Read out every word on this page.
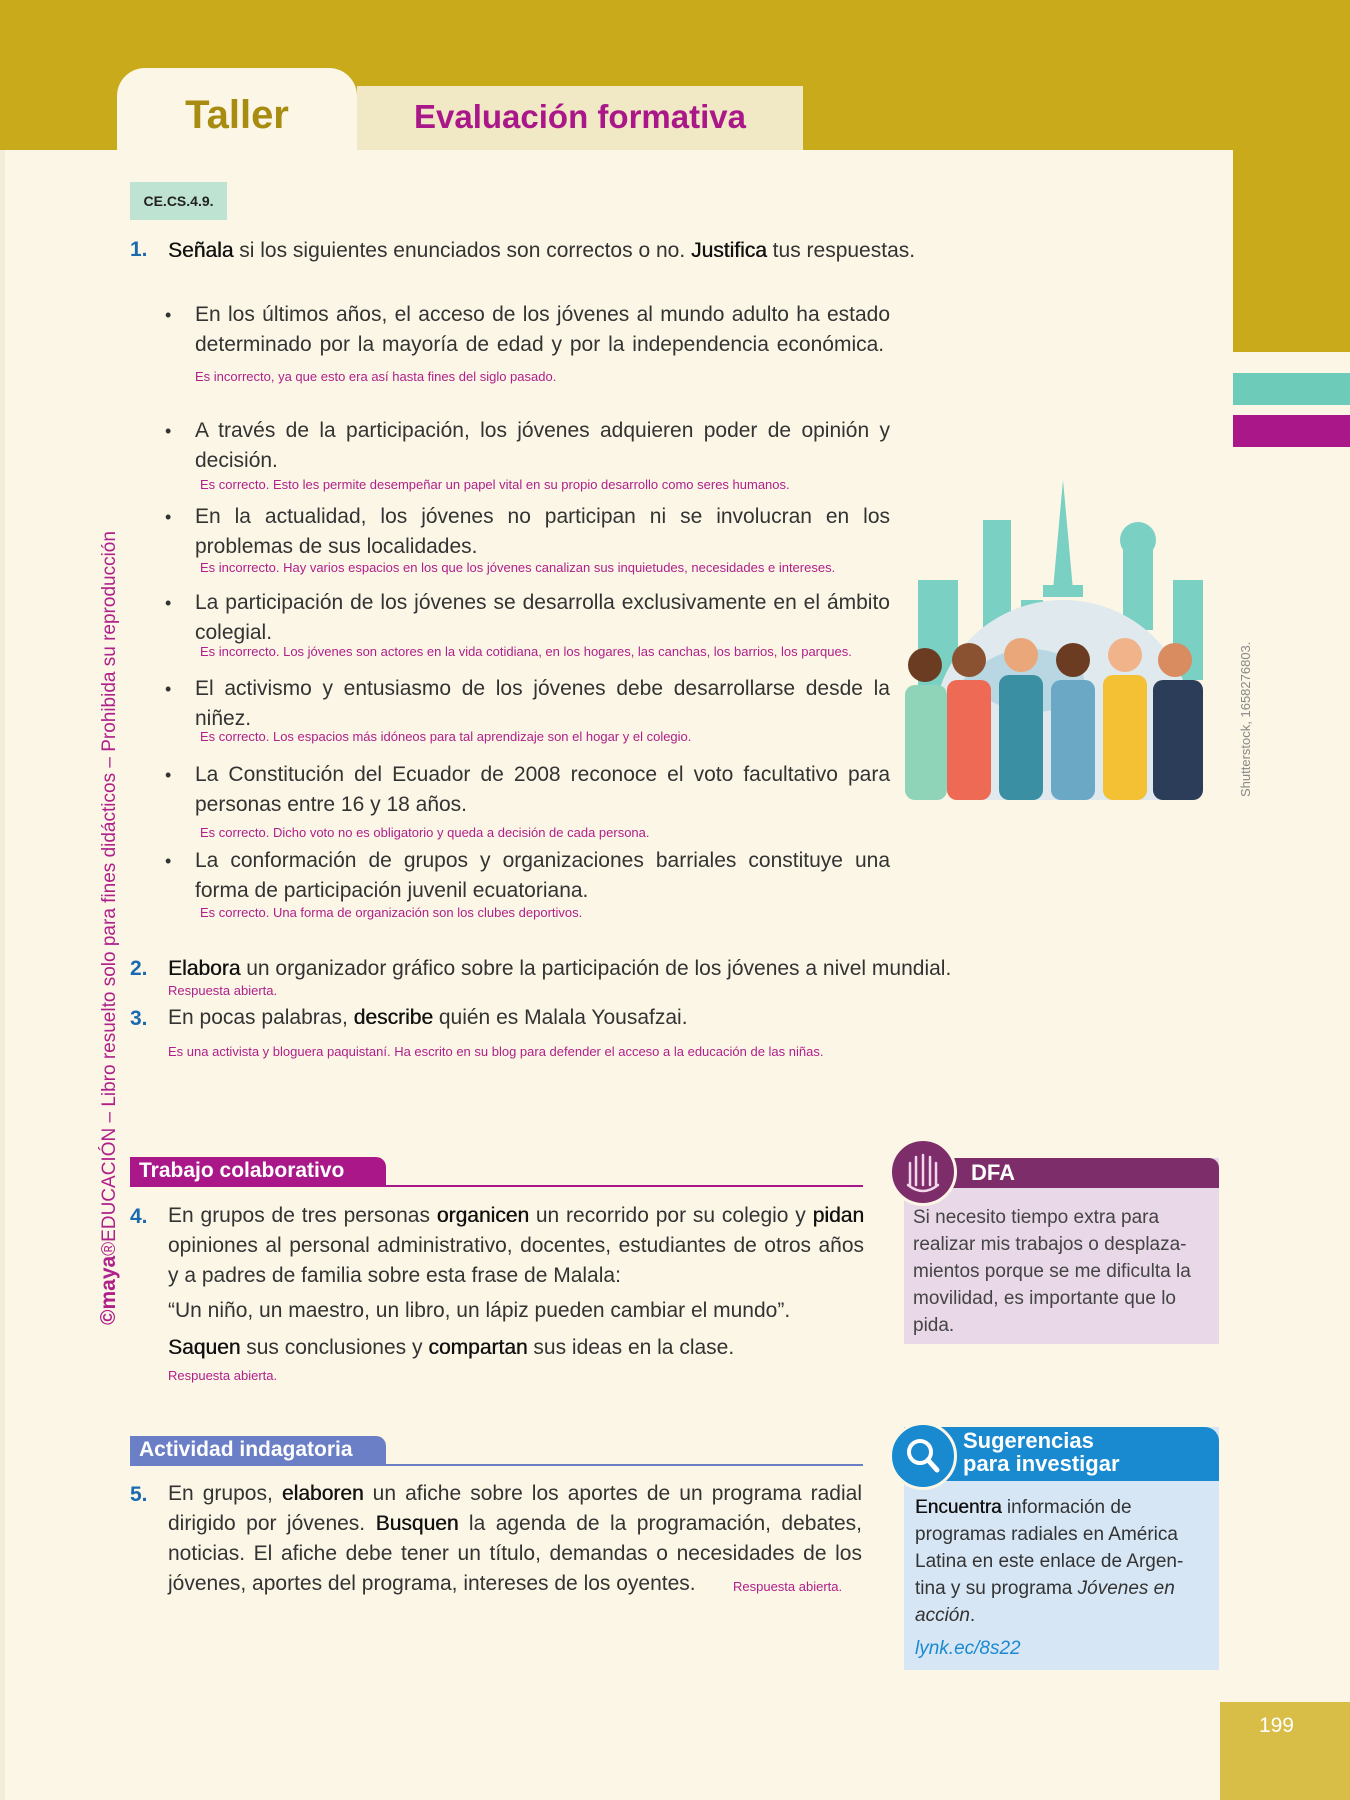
Taller	Evaluación formativa
CE.CS.4.9.
©maya®EDUCACIÓN – Libro resuelto solo para fines didácticos – Prohibida su reproducción
1. Señala si los siguientes enunciados son correctos o no. Justifica tus respuestas.
• En los últimos años, el acceso de los jóvenes al mundo adulto ha estado determinado por la mayoría de edad y por la independencia económica.  Es incorrecto, ya que esto era así hasta fines del siglo pasado.
• A través de la participación, los jóvenes adquieren poder de opinión y decisión.
Es correcto. Esto les permite desempeñar un papel vital en su propio desarrollo como seres humanos.
• En la actualidad, los jóvenes no participan ni se involucran en los problemas de sus localidades.
Es incorrecto. Hay varios espacios en los que los jóvenes canalizan sus inquietudes, necesidades e intereses.
• La participación de los jóvenes se desarrolla exclusivamente en el ámbito colegial.
Es incorrecto. Los jóvenes son actores en la vida cotidiana, en los hogares, las canchas, los barrios, los parques.
• El activismo y entusiasmo de los jóvenes debe desarrollarse desde la niñez.
Es correcto. Los espacios más idóneos para tal aprendizaje son el hogar y el colegio.
• La Constitución del Ecuador de 2008 reconoce el voto facultativo para personas entre 16 y 18 años.
Es correcto. Dicho voto no es obligatorio y queda a decisión de cada persona.
• La conformación de grupos y organizaciones barriales constituye una forma de participación juvenil ecuatoriana.
Es correcto. Una forma de organización son los clubes deportivos.
Shutterstock, 1658276803.
2. Elabora un organizador gráfico sobre la participación de los jóvenes a nivel mundial.
Respuesta abierta.
3. En pocas palabras, describe quién es Malala Yousafzai.
Es una activista y bloguera paquistaní. Ha escrito en su blog para defender el acceso a la educación de las niñas.
Trabajo colaborativo
4. En grupos de tres personas organicen un recorrido por su colegio y pidan opiniones al personal administrativo, docentes, estudiantes de otros años y a padres de familia sobre esta frase de Malala:
“Un niño, un maestro, un libro, un lápiz pueden cambiar el mundo”.
Saquen sus conclusiones y compartan sus ideas en la clase.
Respuesta abierta.
DFA
Si necesito tiempo extra para realizar mis trabajos o desplaza-mientos porque se me dificulta la movilidad, es importante que lo pida.
Actividad indagatoria
5. En grupos, elaboren un afiche sobre los aportes de un programa radial dirigido por jóvenes. Busquen la agenda de la programación, debates, noticias. El afiche debe tener un título, demandas o necesidades de los jóvenes, aportes del programa, intereses de los oyentes.	Respuesta abierta.
Sugerencias
para investigar
Encuentra información de programas radiales en América Latina en este enlace de Argen-tina y su programa Jóvenes en acción.
lynk.ec/8s22
199
